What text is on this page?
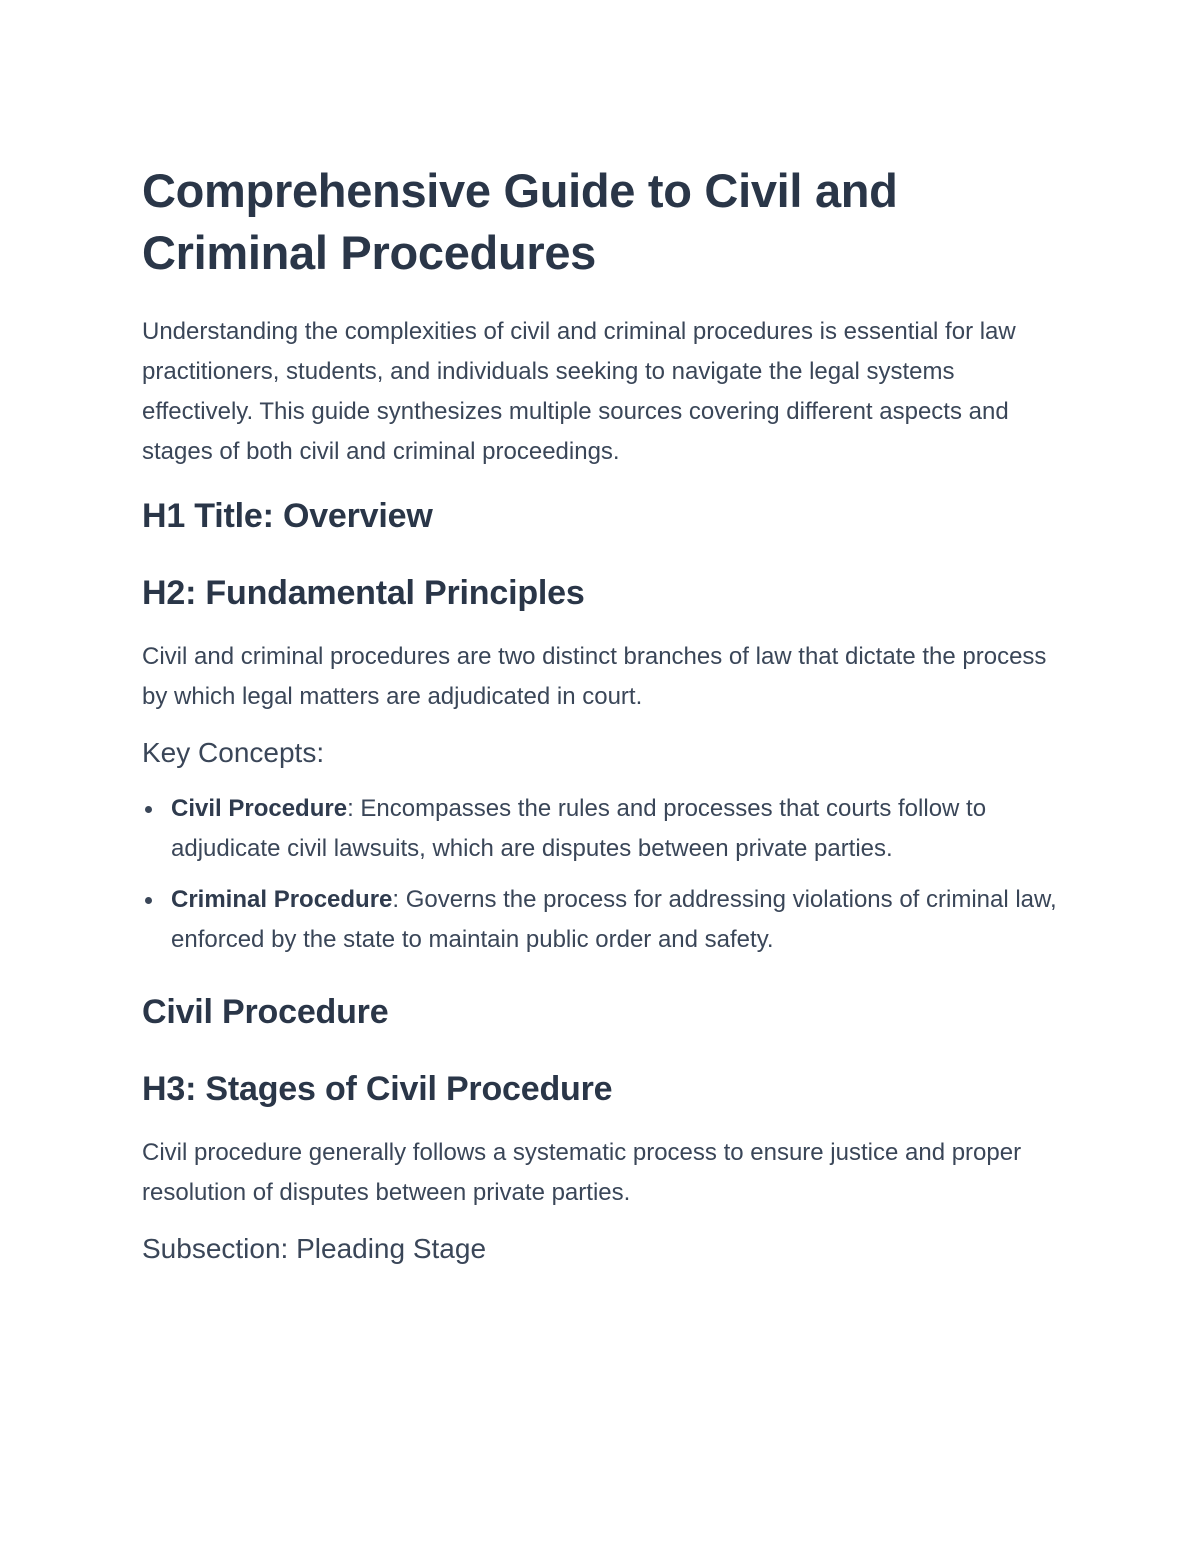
Comprehensive Guide to Civil and Criminal Procedures

Understanding the complexities of civil and criminal procedures is essential for law practitioners, students, and individuals seeking to navigate the legal systems effectively. This guide synthesizes multiple sources covering different aspects and stages of both civil and criminal proceedings.

H1 Title: Overview
H2: Fundamental Principles

Civil and criminal procedures are two distinct branches of law that dictate the process by which legal matters are adjudicated in court.

Key Concepts:
Civil Procedure: Encompasses the rules and processes that courts follow to adjudicate civil lawsuits, which are disputes between private parties.
Criminal Procedure: Governs the process for addressing violations of criminal law, enforced by the state to maintain public order and safety.
Civil Procedure
H3: Stages of Civil Procedure

Civil procedure generally follows a systematic process to ensure justice and proper resolution of disputes between private parties.

Subsection: Pleading Stage
